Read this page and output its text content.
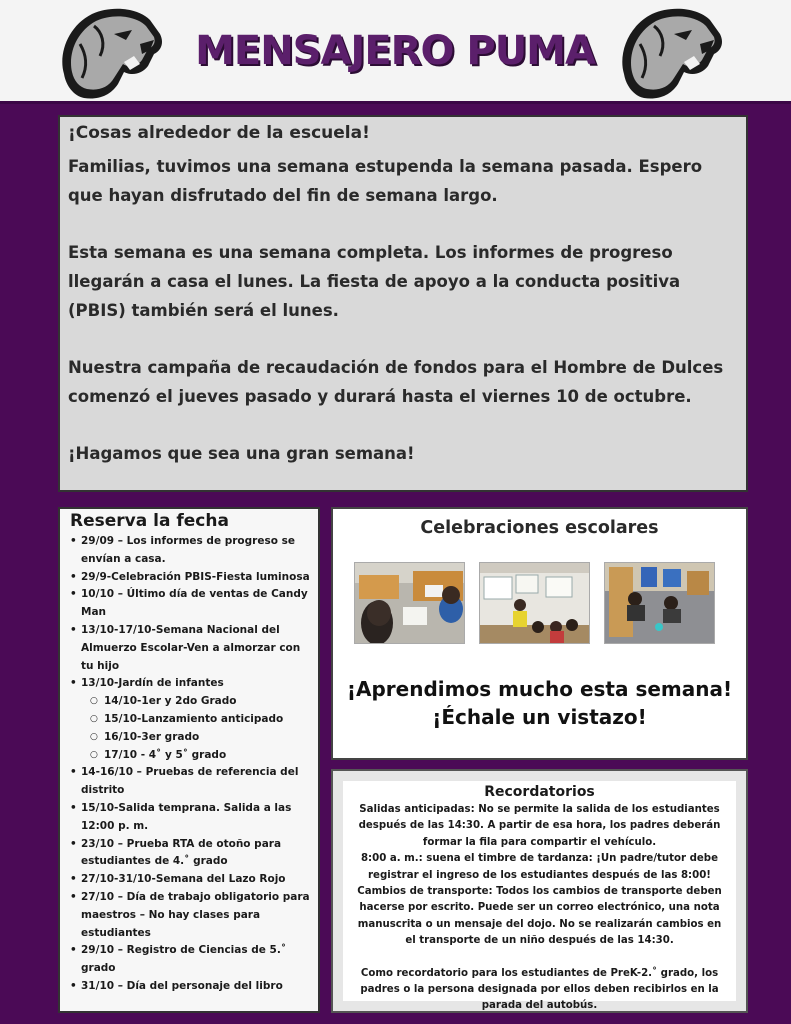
MENSAJERO PUMA
¡Cosas alrededor de la escuela!

Familias, tuvimos una semana estupenda la semana pasada. Espero que hayan disfrutado del fin de semana largo.

Esta semana es una semana completa. Los informes de progreso llegarán a casa el lunes. La fiesta de apoyo a la conducta positiva (PBIS) también será el lunes.

Nuestra campaña de recaudación de fondos para el Hombre de Dulces comenzó el jueves pasado y durará hasta el viernes 10 de octubre.

¡Hagamos que sea una gran semana!

Reserva la fecha
• 29/09 – Los informes de progreso se envían a casa.
• 29/9-Celebración PBIS-Fiesta luminosa
• 10/10 – Último día de ventas de Candy Man
• 13/10-17/10-Semana Nacional del Almuerzo Escolar-Ven a almorzar con tu hijo
• 13/10-Jardín de infantes
○ 14/10-1er y 2do Grado
○ 15/10-Lanzamiento anticipado
○ 16/10-3er grado
○ 17/10 - 4˚ y 5˚ grado
• 14-16/10 – Pruebas de referencia del distrito
• 15/10-Salida temprana. Salida a las 12:00 p. m.
• 23/10 – Prueba RTA de otoño para estudiantes de 4.˚ grado
• 27/10-31/10-Semana del Lazo Rojo
• 27/10 – Día de trabajo obligatorio para maestros – No hay clases para estudiantes
• 29/10 – Registro de Ciencias de 5.˚ grado
• 31/10 – Día del personaje del libro
Celebraciones escolares
¡Aprendimos mucho esta semana!
¡Échale un vistazo!
Recordatorios

Salidas anticipadas: No se permite la salida de los estudiantes después de las 14:30. A partir de esa hora, los padres deberán formar la fila para compartir el vehículo.

8:00 a. m.: suena el timbre de tardanza: ¡Un padre/tutor debe registrar el ingreso de los estudiantes después de las 8:00!

Cambios de transporte: Todos los cambios de transporte deben hacerse por escrito. Puede ser un correo electrónico, una nota manuscrita o un mensaje del dojo. No se realizarán cambios en el transporte de un niño después de las 14:30.

Como recordatorio para los estudiantes de PreK-2.˚ grado, los padres o la persona designada por ellos deben recibirlos en la parada del autobús.
